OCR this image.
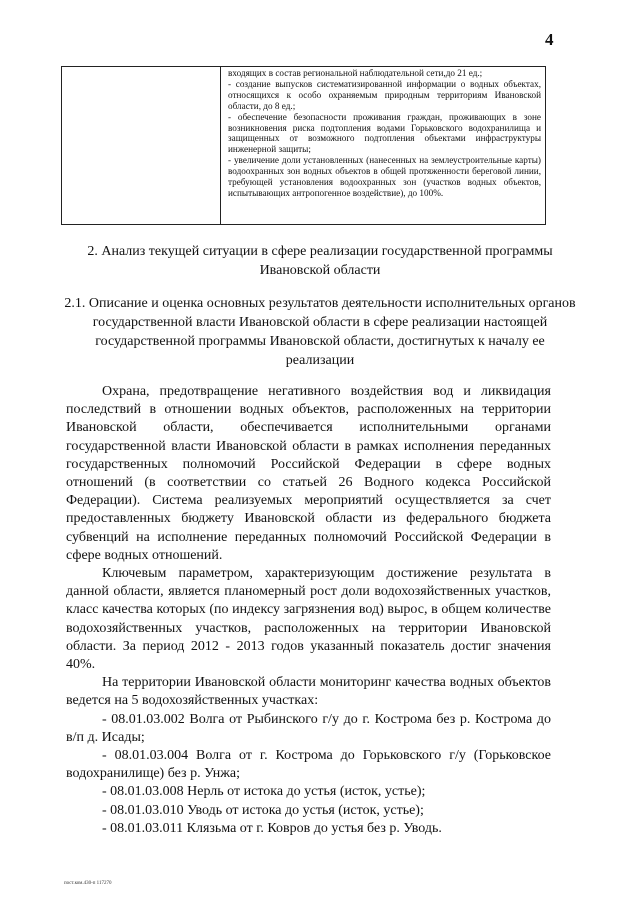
4
входящих в состав региональной наблюдательной сети,до 21 ед.;
- создание выпусков систематизированной информации о водных объектах, относящихся к особо охраняемым природным территориям Ивановской области, до 8 ед.;
- обеспечение безопасности проживания граждан, проживающих в зоне возникновения риска подтопления водами Горьковского водохранилища и защищенных от возможного подтопления объектами инфраструктуры инженерной защиты;
- увеличение доли установленных (нанесенных на землеустроительные карты) водоохранных зон водных объектов в общей протяженности береговой линии, требующей установления водоохранных зон (участков водных объектов, испытывающих антропогенное воздействие), до 100%.
2. Анализ текущей ситуации в сфере реализации государственной программы Ивановской области
2.1. Описание и оценка основных результатов деятельности исполнительных органов государственной власти Ивановской области в сфере реализации настоящей государственной программы Ивановской области, достигнутых к началу ее реализации

Охрана, предотвращение негативного воздействия вод и ликвидация последствий в отношении водных объектов, расположенных на территории Ивановской области, обеспечивается исполнительными органами государственной власти Ивановской области в рамках исполнения переданных государственных полномочий Российской Федерации в сфере водных отношений (в соответствии со статьей 26 Водного кодекса Российской Федерации). Система реализуемых мероприятий осуществляется за счет предоставленных бюджету Ивановской области из федерального бюджета субвенций на исполнение переданных полномочий Российской Федерации в сфере водных отношений.

Ключевым параметром, характеризующим достижение результата в данной области, является планомерный рост доли водохозяйственных участков, класс качества которых (по индексу загрязнения вод) вырос, в общем количестве водохозяйственных участков, расположенных на территории Ивановской области. За период 2012 - 2013 годов указанный показатель достиг значения 40%.

На территории Ивановской области мониторинг качества водных объектов ведется на 5 водохозяйственных участках:

- 08.01.03.002 Волга от Рыбинского г/у до г. Кострома без р. Кострома до в/п д. Исады;

- 08.01.03.004 Волга от г. Кострома до Горьковского г/у (Горьковское водохранилище) без р. Унжа;

- 08.01.03.008 Нерль от истока до устья (исток, устье);

- 08.01.03.010 Уводь от истока до устья (исток, устье);

- 08.01.03.011 Клязьма от г. Ковров до устья без р. Уводь.

пост.ком.430-п 117270
